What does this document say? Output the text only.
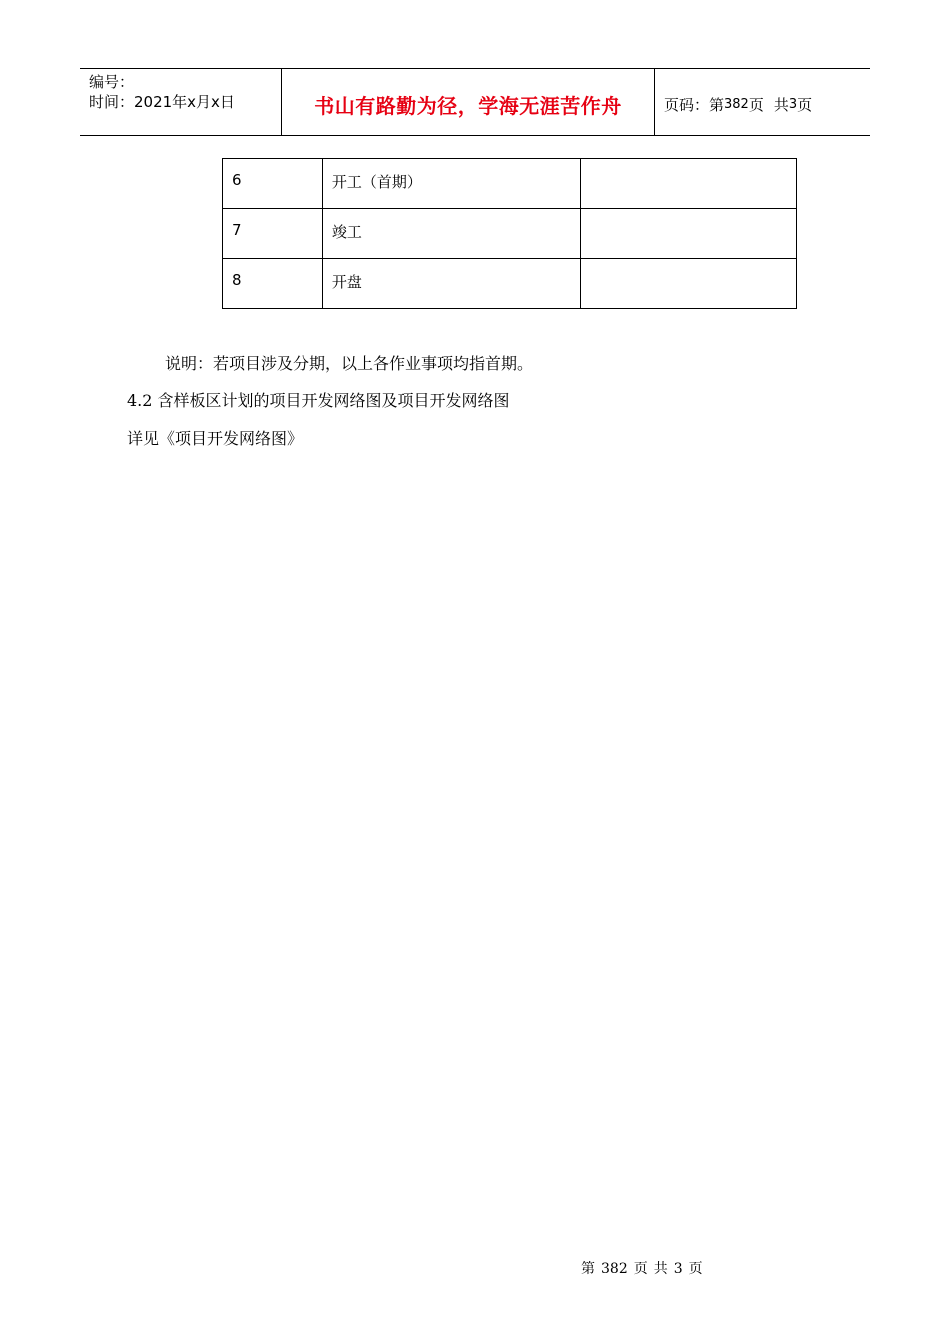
编号：
时间：2021年x月x日	书山有路勤为径，学海无涯苦作舟	页码：第 382 页 共 3 页
6	开工（首期）	
7	竣工	
8	开盘	
说明：若项目涉及分期，以上各作业事项均指首期。
4.2 含样板区计划的项目开发网络图及项目开发网络图
详见《项目开发网络图》
第 382 页 共 3 页
